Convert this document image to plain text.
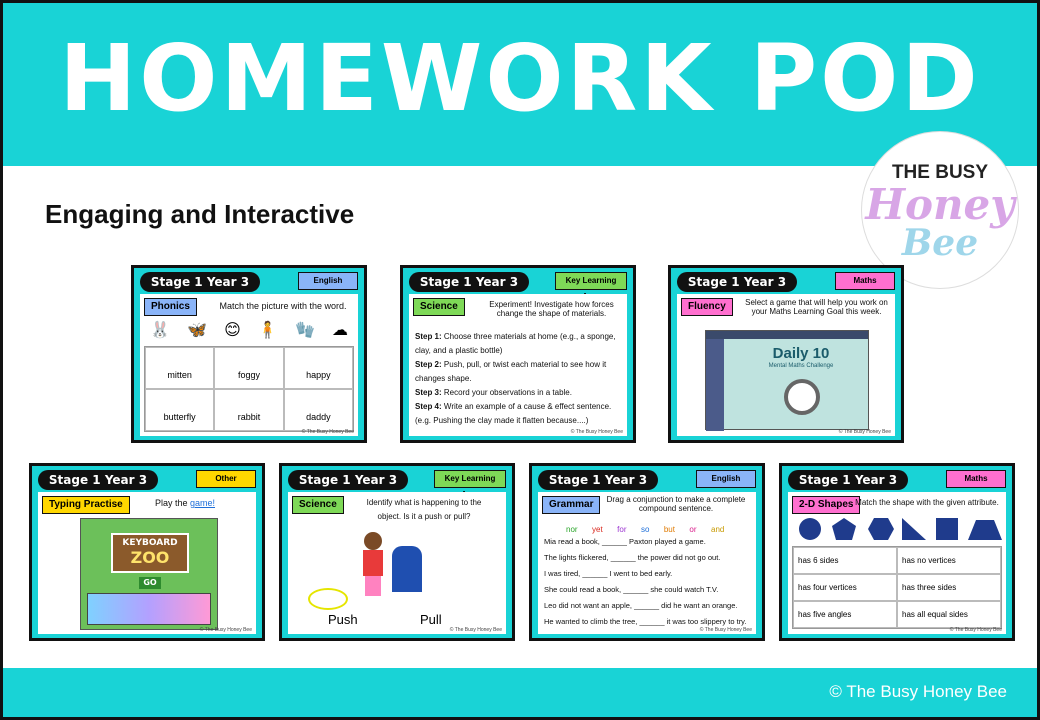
HOMEWORK POD
THE BUSY
Honey
Bee
Engaging and Interactive
Stage 1 Year 3	English
Phonics	Match the picture with the word.
🐰 🦋 😊 🧍 🧤 ☁
mitten	foggy	happy
butterfly	rabbit	daddy
© The Busy Honey Bee
Stage 1 Year 3	Key Learning
Science	Experiment! Investigate how forces change the shape of materials.
Step 1: Choose three materials at home (e.g., a sponge, clay, and a plastic bottle)
Step 2: Push, pull, or twist each material to see how it changes shape.
Step 3: Record your observations in a table.
Step 4: Write an example of a cause & effect sentence. (e.g. Pushing the clay made it flatten because....)
© The Busy Honey Bee
Stage 1 Year 3	Maths
Fluency	Select a game that will help you work on your Maths Learning Goal this week.
Daily 10
Mental Maths Challenge
© The Busy Honey Bee
Stage 1 Year 3	Other
Typing Practise	Play the game!
KEYBOARD
ZOO
GO
© The Busy Honey Bee
Stage 1 Year 3	Key Learning
Science	Identify what is happening to the object. Is it a push or pull?
Push	Pull
© The Busy Honey Bee
Stage 1 Year 3	English
Grammar	Drag a conjunction to make a complete compound sentence.
nor yet for so but or and
Mia read a book, ______ Paxton played a game.
The lights flickered, ______ the power did not go out.
I was tired, ______ I went to bed early.
She could read a book, ______ she could watch T.V.
Leo did not want an apple, ______ did he want an orange.
He wanted to climb the tree, ______ it was too slippery to try.
© The Busy Honey Bee
Stage 1 Year 3	Maths
2-D Shapes Match the shape with the given attribute.
has 6 sides	has no vertices
has four vertices	has three sides
has five angles	has all equal sides
© The Busy Honey Bee
© The Busy Honey Bee
